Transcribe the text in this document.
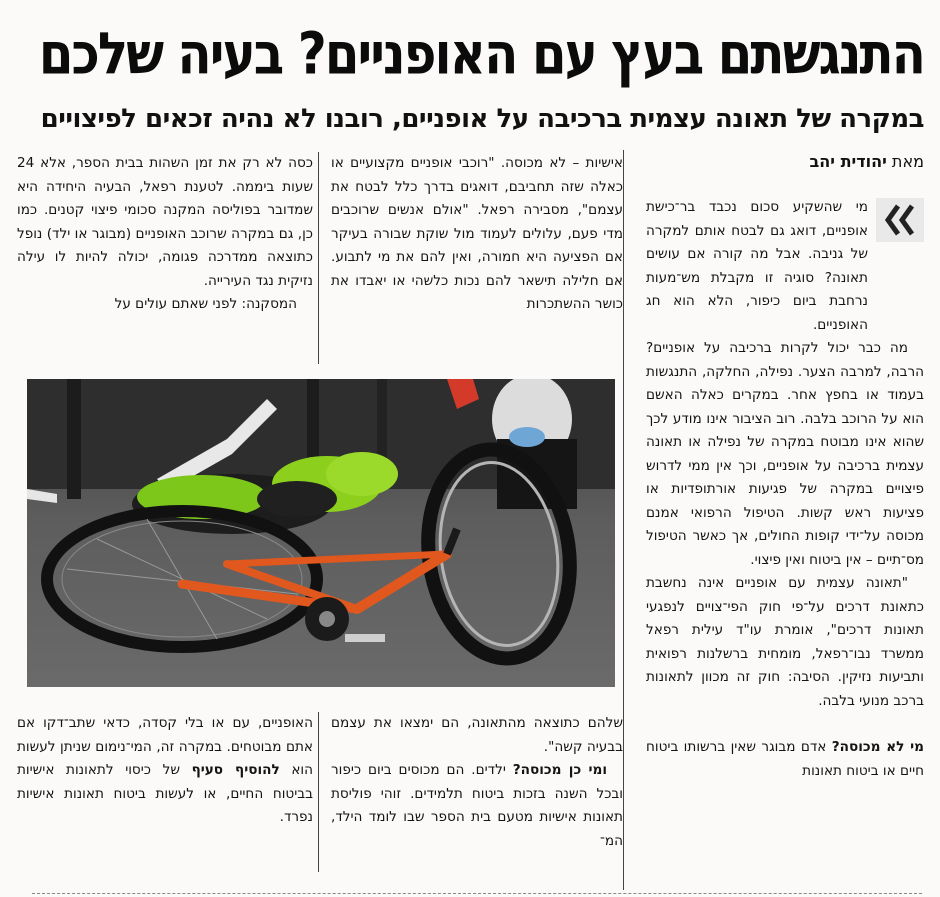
התנגשתם בעץ עם האופניים? בעיה שלכם
במקרה של תאונה עצמית ברכיבה על אופניים, רובנו לא נהיה זכאים לפיצויים
מאת יהודית יהב

מי שהשקיע סכום נכבד בר־כישת אופניים, דואג גם לבטח אותם למקרה של גניבה. אבל מה קורה אם עושים תאונה? סוגיה זו מקבלת מש־מעות נרחבת ביום כיפור, הלא הוא חג האופניים.

מה כבר יכול לקרות ברכיבה על אופניים? הרבה, למרבה הצער. נפילה, החלקה, התנגשות בעמוד או בחפץ אחר. במקרים כאלה האשם הוא על הרוכב בלבה. רוב הציבור אינו מודע לכך שהוא אינו מבוטח במקרה של נפילה או תאונה עצמית ברכיבה על אופניים, וכך אין ממי לדרוש פיצויים במקרה של פגיעות אורתופדיות או פציעות ראש קשות. הטיפול הרפואי אמנם מכוסה על־ידי קופות החולים, אך כאשר הטיפול מס־תיים – אין ביטוח ואין פיצוי.

"תאונה עצמית עם אופניים אינה נחשבת כתאונת דרכים על־פי חוק הפי־צויים לנפגעי תאונות דרכים", אומרת עו"ד עילית רפאל ממשרד נבו־רפאל, מומחית ברשלנות רפואית ותביעות נזיקין. הסיבה: חוק זה מכוון לתאונות ברכב מנועי בלבה.

מי לא מכוסה? אדם מבוגר שאין ברשותו ביטוח חיים או ביטוח תאונות

אישיות – לא מכוסה. "רוכבי אופניים מקצועיים או כאלה שזה תחביבם, דואגים בדרך כלל לבטח את עצמם", מסבירה רפאל. "אולם אנשים שרוכבים מדי פעם, עלולים לעמוד מול שוקת שבורה בעיקר אם הפציעה היא חמורה, ואין להם את מי לתבוע. אם חלילה תישאר להם נכות כלשהי או יאבדו את כושר ההשתכרות

כסה לא רק את זמן השהות בבית הספר, אלא 24 שעות ביממה. לטענת רפאל, הבעיה היחידה היא שמדובר בפוליסה המקנה סכומי פיצוי קטנים. כמו כן, גם במקרה שרוכב האופניים (מבוגר או ילד) נופל כתוצאה ממדרכה פגומה, יכולה להיות לו עילה נזיקית נגד העירייה.

המסקנה: לפני שאתם עולים על

שלהם כתוצאה מהתאונה, הם ימצאו את עצמם בבעיה קשה".

ומי כן מכוסה? ילדים. הם מכוסים ביום כיפור ובכל השנה בזכות ביטוח תלמידים. זוהי פוליסת תאונות אישיות מטעם בית הספר שבו לומד הילד, המ־

האופניים, עם או בלי קסדה, כדאי שתב־דקו אם אתם מבוטחים. במקרה זה, המי־נימום שניתן לעשות הוא להוסיף סעיף של כיסוי לתאונות אישיות בביטוח החיים, או לעשות ביטוח תאונות אישיות נפרד.
